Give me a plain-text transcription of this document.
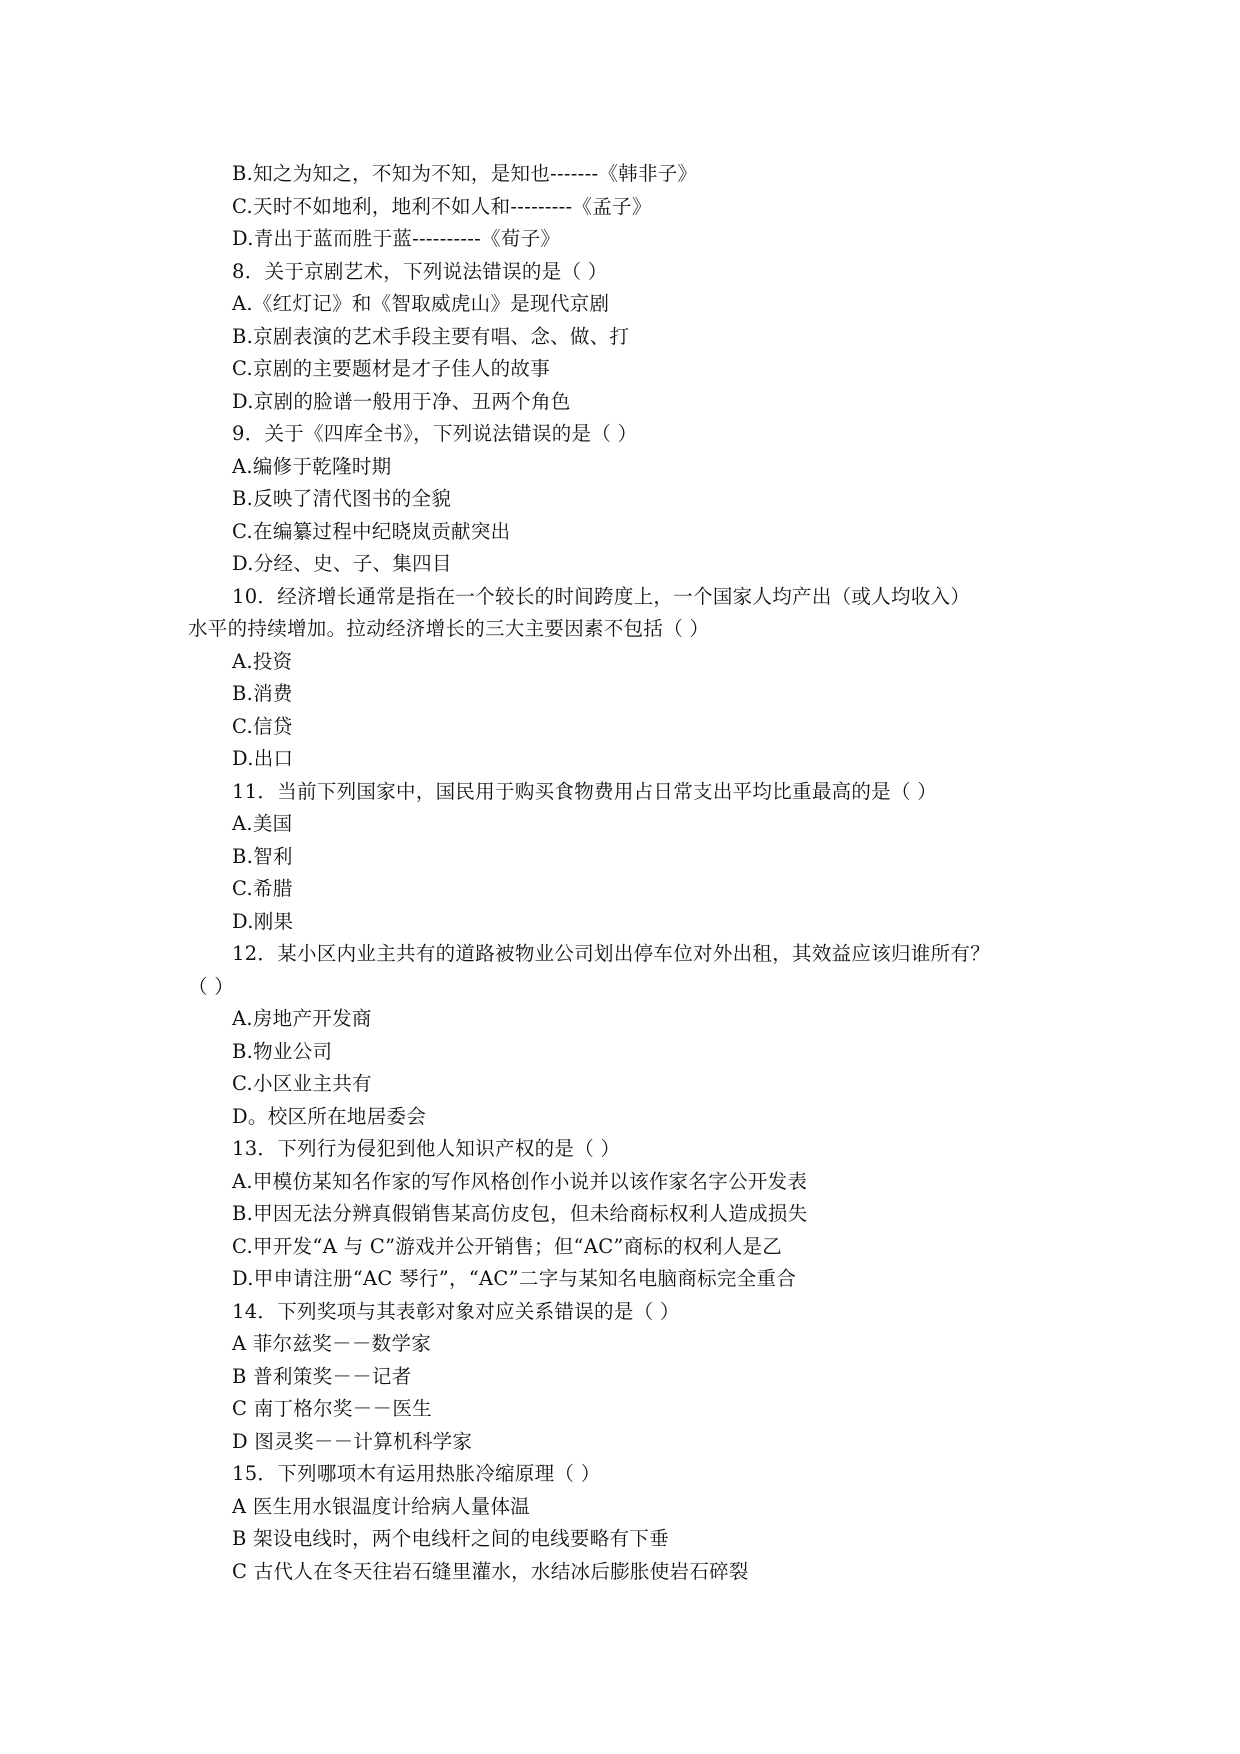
B.知之为知之，不知为不知，是知也-------《韩非子》
C.天时不如地利，地利不如人和---------《孟子》
D.青出于蓝而胜于蓝----------《荀子》
8．关于京剧艺术，下列说法错误的是（ ）
A.《红灯记》和《智取威虎山》是现代京剧
B.京剧表演的艺术手段主要有唱、念、做、打
C.京剧的主要题材是才子佳人的故事
D.京剧的脸谱一般用于净、丑两个角色
9．关于《四库全书》，下列说法错误的是（ ）
A.编修于乾隆时期
B.反映了清代图书的全貌
C.在编纂过程中纪晓岚贡献突出
D.分经、史、子、集四目
10．经济增长通常是指在一个较长的时间跨度上，一个国家人均产出（或人均收入）
水平的持续增加。拉动经济增长的三大主要因素不包括（ ）
A.投资
B.消费
C.信贷
D.出口
11．当前下列国家中，国民用于购买食物费用占日常支出平均比重最高的是（ ）
A.美国
B.智利
C.希腊
D.刚果
12．某小区内业主共有的道路被物业公司划出停车位对外出租，其效益应该归谁所有？
（ ）
A.房地产开发商
B.物业公司
C.小区业主共有
D。校区所在地居委会
13．下列行为侵犯到他人知识产权的是（ ）
A.甲模仿某知名作家的写作风格创作小说并以该作家名字公开发表
B.甲因无法分辨真假销售某高仿皮包，但未给商标权利人造成损失
C.甲开发“A 与 C”游戏并公开销售；但“AC”商标的权利人是乙
D.甲申请注册“AC 琴行”，“AC”二字与某知名电脑商标完全重合
14．下列奖项与其表彰对象对应关系错误的是（ ）
A 菲尔兹奖－－数学家
B 普利策奖－－记者
C 南丁格尔奖－－医生
D 图灵奖－－计算机科学家
15．下列哪项木有运用热胀冷缩原理（ ）
A 医生用水银温度计给病人量体温
B 架设电线时，两个电线杆之间的电线要略有下垂
C 古代人在冬天往岩石缝里灌水，水结冰后膨胀使岩石碎裂
